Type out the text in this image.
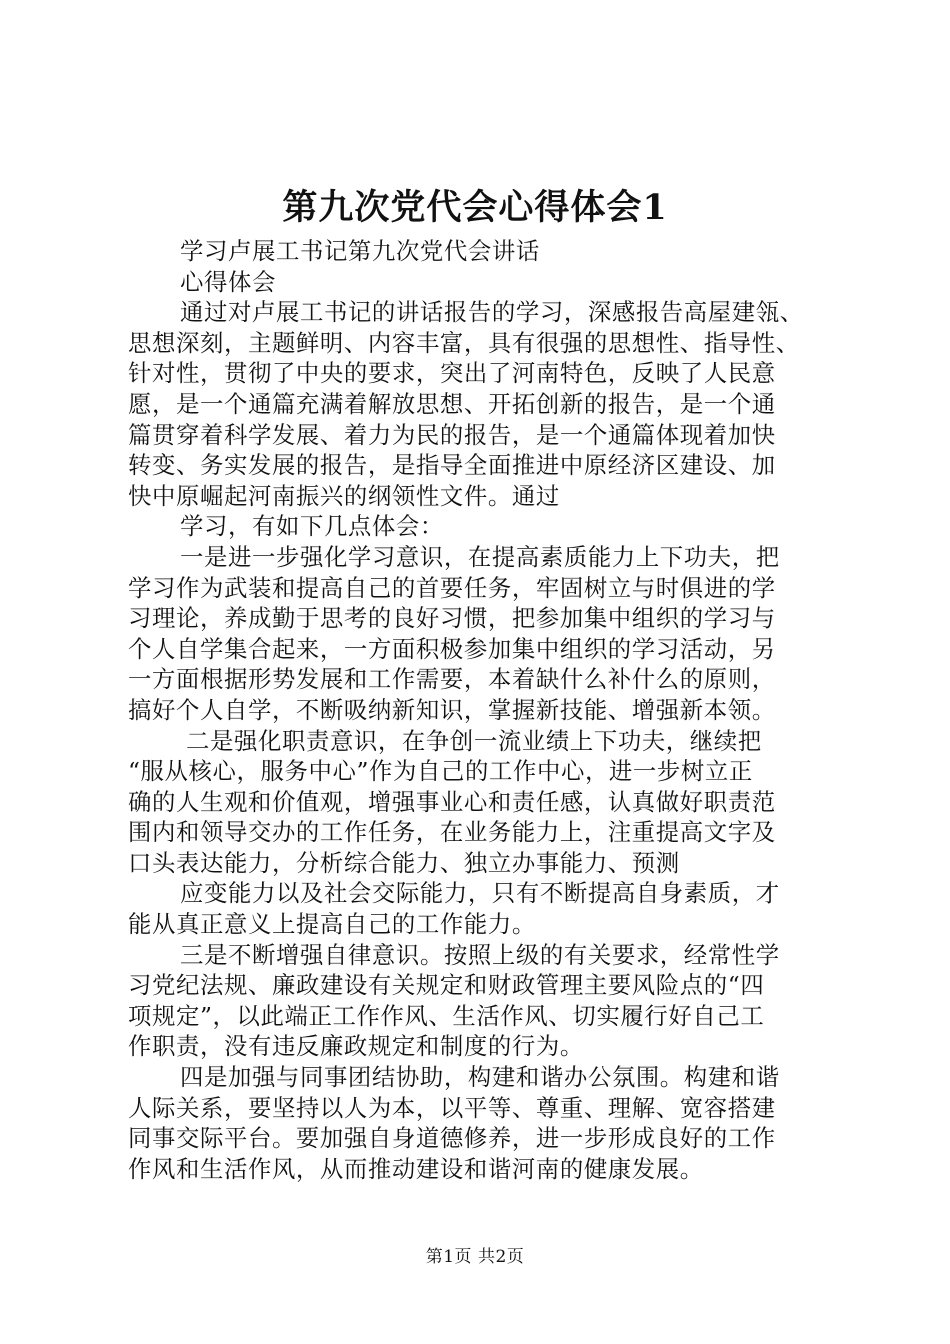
第九次党代会心得体会1
学习卢展工书记第九次党代会讲话
心得体会
通过对卢展工书记的讲话报告的学习，深感报告高屋建瓴、
思想深刻，主题鲜明、内容丰富，具有很强的思想性、指导性、
针对性，贯彻了中央的要求，突出了河南特色，反映了人民意
愿，是一个通篇充满着解放思想、开拓创新的报告，是一个通
篇贯穿着科学发展、着力为民的报告，是一个通篇体现着加快
转变、务实发展的报告，是指导全面推进中原经济区建设、加
快中原崛起河南振兴的纲领性文件。通过
学习，有如下几点体会：
一是进一步强化学习意识，在提高素质能力上下功夫，把
学习作为武装和提高自己的首要任务，牢固树立与时俱进的学
习理论，养成勤于思考的良好习惯，把参加集中组织的学习与
个人自学集合起来，一方面积极参加集中组织的学习活动，另
一方面根据形势发展和工作需要，本着缺什么补什么的原则，
搞好个人自学，不断吸纳新知识，掌握新技能、增强新本领。
二是强化职责意识，在争创一流业绩上下功夫，继续把
“服从核心，服务中心”作为自己的工作中心，进一步树立正
确的人生观和价值观，增强事业心和责任感，认真做好职责范
围内和领导交办的工作任务，在业务能力上，注重提高文字及
口头表达能力，分析综合能力、独立办事能力、预测
应变能力以及社会交际能力，只有不断提高自身素质，才
能从真正意义上提高自己的工作能力。
三是不断增强自律意识。按照上级的有关要求，经常性学
习党纪法规、廉政建设有关规定和财政管理主要风险点的“四
项规定”，以此端正工作作风、生活作风、切实履行好自己工
作职责，没有违反廉政规定和制度的行为。
四是加强与同事团结协助，构建和谐办公氛围。构建和谐
人际关系，要坚持以人为本，以平等、尊重、理解、宽容搭建
同事交际平台。要加强自身道德修养，进一步形成良好的工作
作风和生活作风，从而推动建设和谐河南的健康发展。
第1页 共2页
